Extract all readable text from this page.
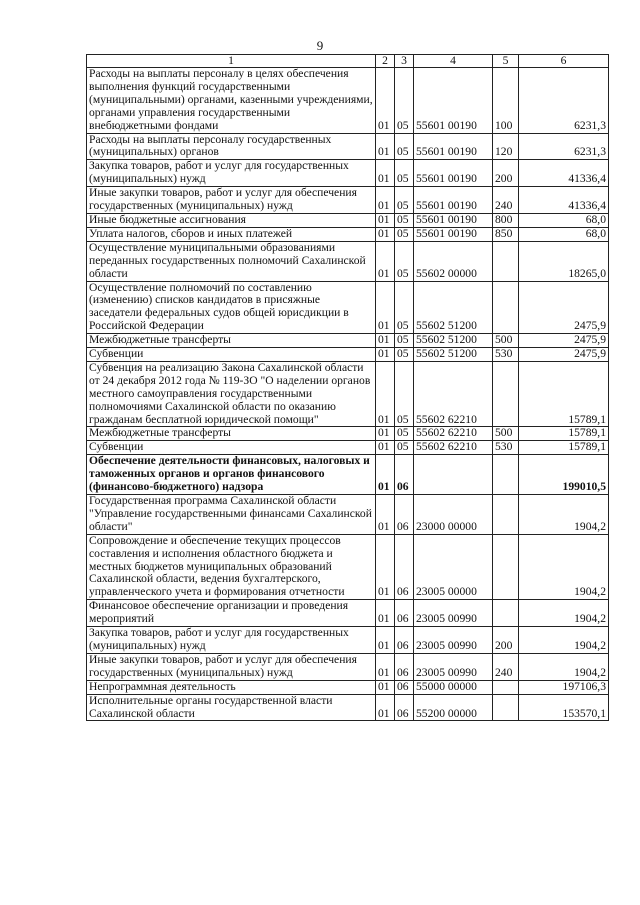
9
1	2	3	4	5	6
Расходы на выплаты персоналу в целях обеспечения выполнения функций государственными (муниципальными) органами, казенными учреждениями, органами управления государственными внебюджетными фондами	01	05	55601 00190	100	6231,3
Расходы на выплаты персоналу государственных (муниципальных) органов	01	05	55601 00190	120	6231,3
Закупка товаров, работ и услуг для государственных (муниципальных) нужд	01	05	55601 00190	200	41336,4
Иные закупки товаров, работ и услуг для обеспечения государственных (муниципальных) нужд	01	05	55601 00190	240	41336,4
Иные бюджетные ассигнования	01	05	55601 00190	800	68,0
Уплата налогов, сборов и иных платежей	01	05	55601 00190	850	68,0
Осуществление муниципальными образованиями переданных государственных полномочий Сахалинской области	01	05	55602 00000		18265,0
Осуществление полномочий по составлению (изменению) списков кандидатов в присяжные заседатели федеральных судов общей юрисдикции в Российской Федерации	01	05	55602 51200		2475,9
Межбюджетные трансферты	01	05	55602 51200	500	2475,9
Субвенции	01	05	55602 51200	530	2475,9
Субвенция на реализацию Закона Сахалинской области от 24 декабря 2012 года № 119-ЗО "О наделении органов местного самоуправления государственными полномочиями Сахалинской области по оказанию гражданам бесплатной юридической помощи"	01	05	55602 62210		15789,1
Межбюджетные трансферты	01	05	55602 62210	500	15789,1
Субвенции	01	05	55602 62210	530	15789,1
Обеспечение деятельности финансовых, налоговых и таможенных органов и органов финансового (финансово-бюджетного) надзора	01	06			199010,5
Государственная программа Сахалинской области "Управление государственными финансами Сахалинской области"	01	06	23000 00000		1904,2
Сопровождение и обеспечение текущих процессов составления и исполнения областного бюджета и местных бюджетов муниципальных образований Сахалинской области, ведения бухгалтерского, управленческого учета и формирования отчетности	01	06	23005 00000		1904,2
Финансовое обеспечение организации и проведения мероприятий	01	06	23005 00990		1904,2
Закупка товаров, работ и услуг для государственных (муниципальных) нужд	01	06	23005 00990	200	1904,2
Иные закупки товаров, работ и услуг для обеспечения государственных (муниципальных) нужд	01	06	23005 00990	240	1904,2
Непрограммная деятельность	01	06	55000 00000		197106,3
Исполнительные органы государственной власти Сахалинской области	01	06	55200 00000		153570,1
